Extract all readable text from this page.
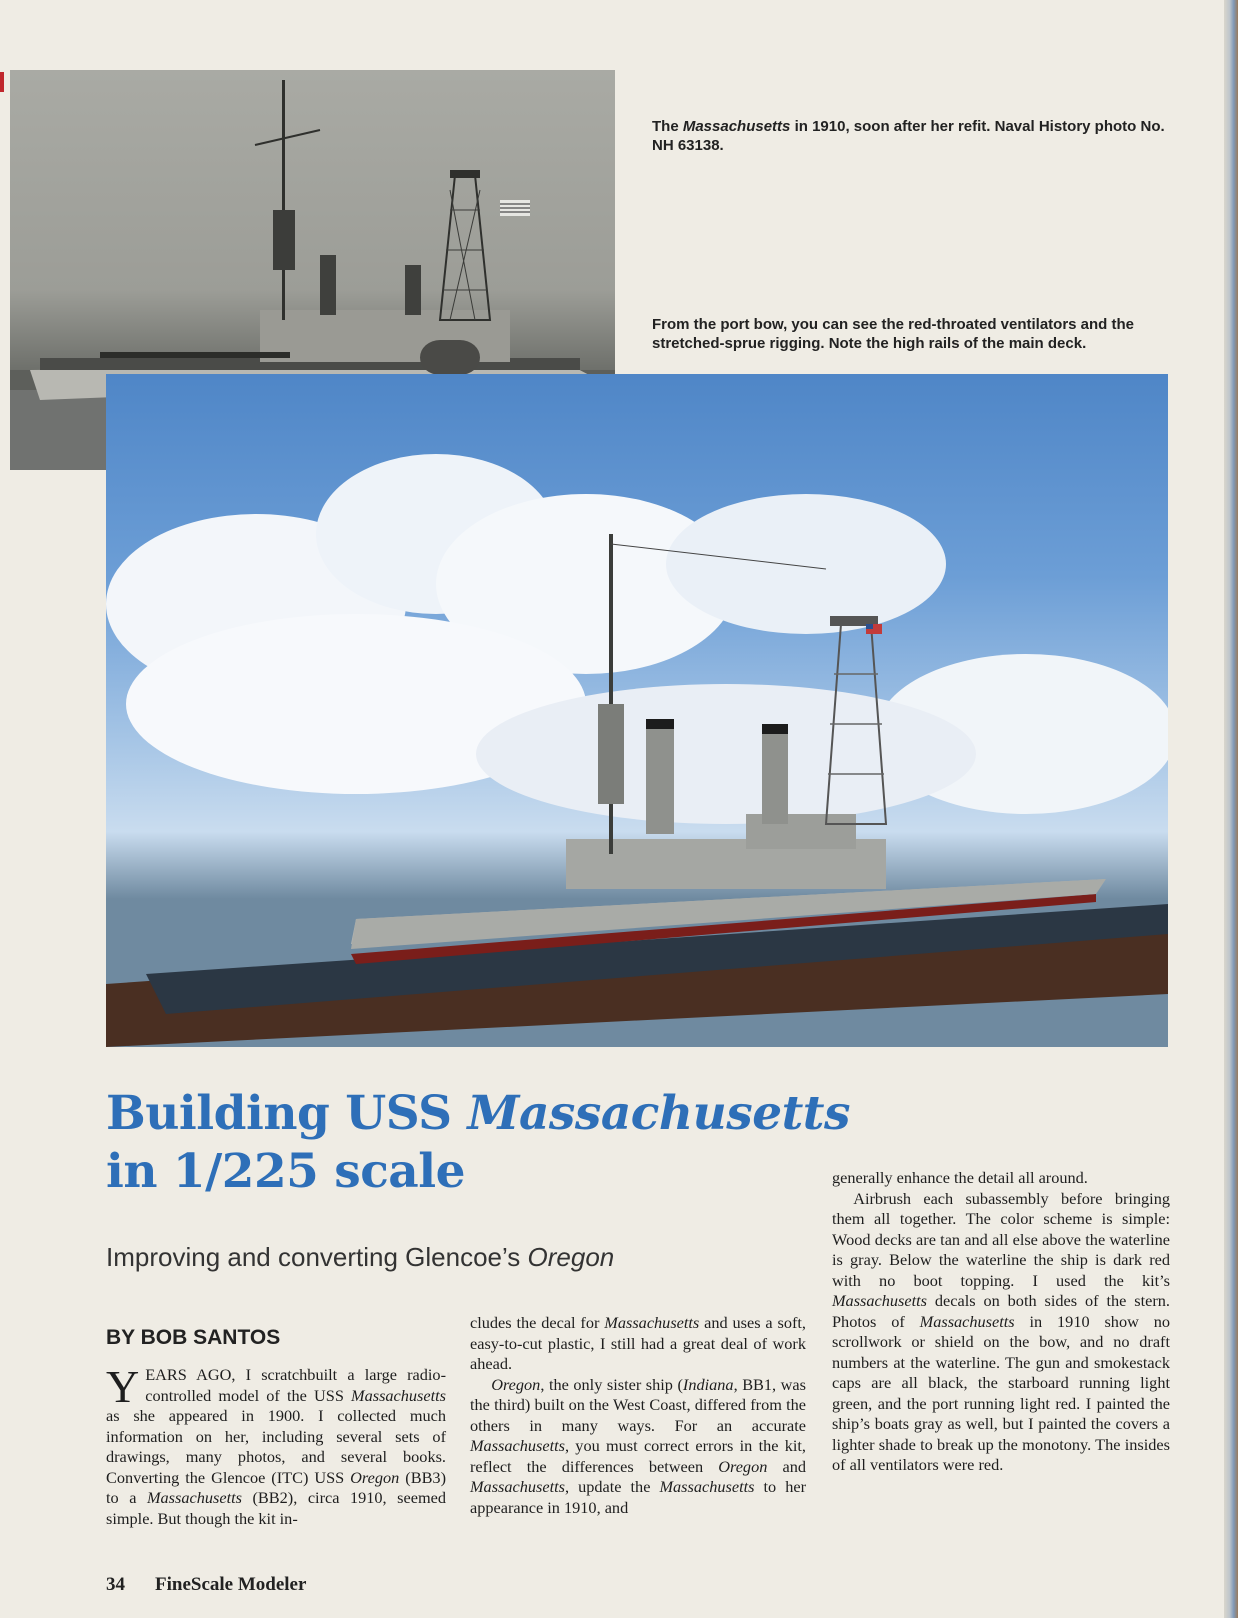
The Massachusetts in 1910, soon after her refit. Naval History photo No. NH 63138.
From the port bow, you can see the red-throated ventilators and the stretched-sprue rigging. Note the high rails of the main deck.
Building USS Massachusetts
in 1/225 scale
Improving and converting Glencoe’s Oregon
BY BOB SANTOS

YEARS AGO, I scratchbuilt a large radio-controlled model of the USS Massachusetts as she appeared in 1900. I collected much information on her, including several sets of drawings, many photos, and several books. Converting the Glencoe (ITC) USS Oregon (BB3) to a Massachusetts (BB2), circa 1910, seemed simple. But though the kit in-

cludes the decal for Massachusetts and uses a soft, easy-to-cut plastic, I still had a great deal of work ahead.

Oregon, the only sister ship (Indiana, BB1, was the third) built on the West Coast, differed from the others in many ways. For an accurate Massachusetts, you must correct errors in the kit, reflect the differences between Oregon and Massachusetts, update the Massachusetts to her appearance in 1910, and

generally enhance the detail all around.

Airbrush each subassembly before bringing them all together. The color scheme is simple: Wood decks are tan and all else above the waterline is gray. Below the waterline the ship is dark red with no boot topping. I used the kit’s Massachusetts decals on both sides of the stern. Photos of Massachusetts in 1910 show no scrollwork or shield on the bow, and no draft numbers at the waterline. The gun and smokestack caps are all black, the starboard running light green, and the port running light red. I painted the ship’s boats gray as well, but I painted the covers a lighter shade to break up the monotony. The insides of all ventilators were red.

34 FineScale Modeler
